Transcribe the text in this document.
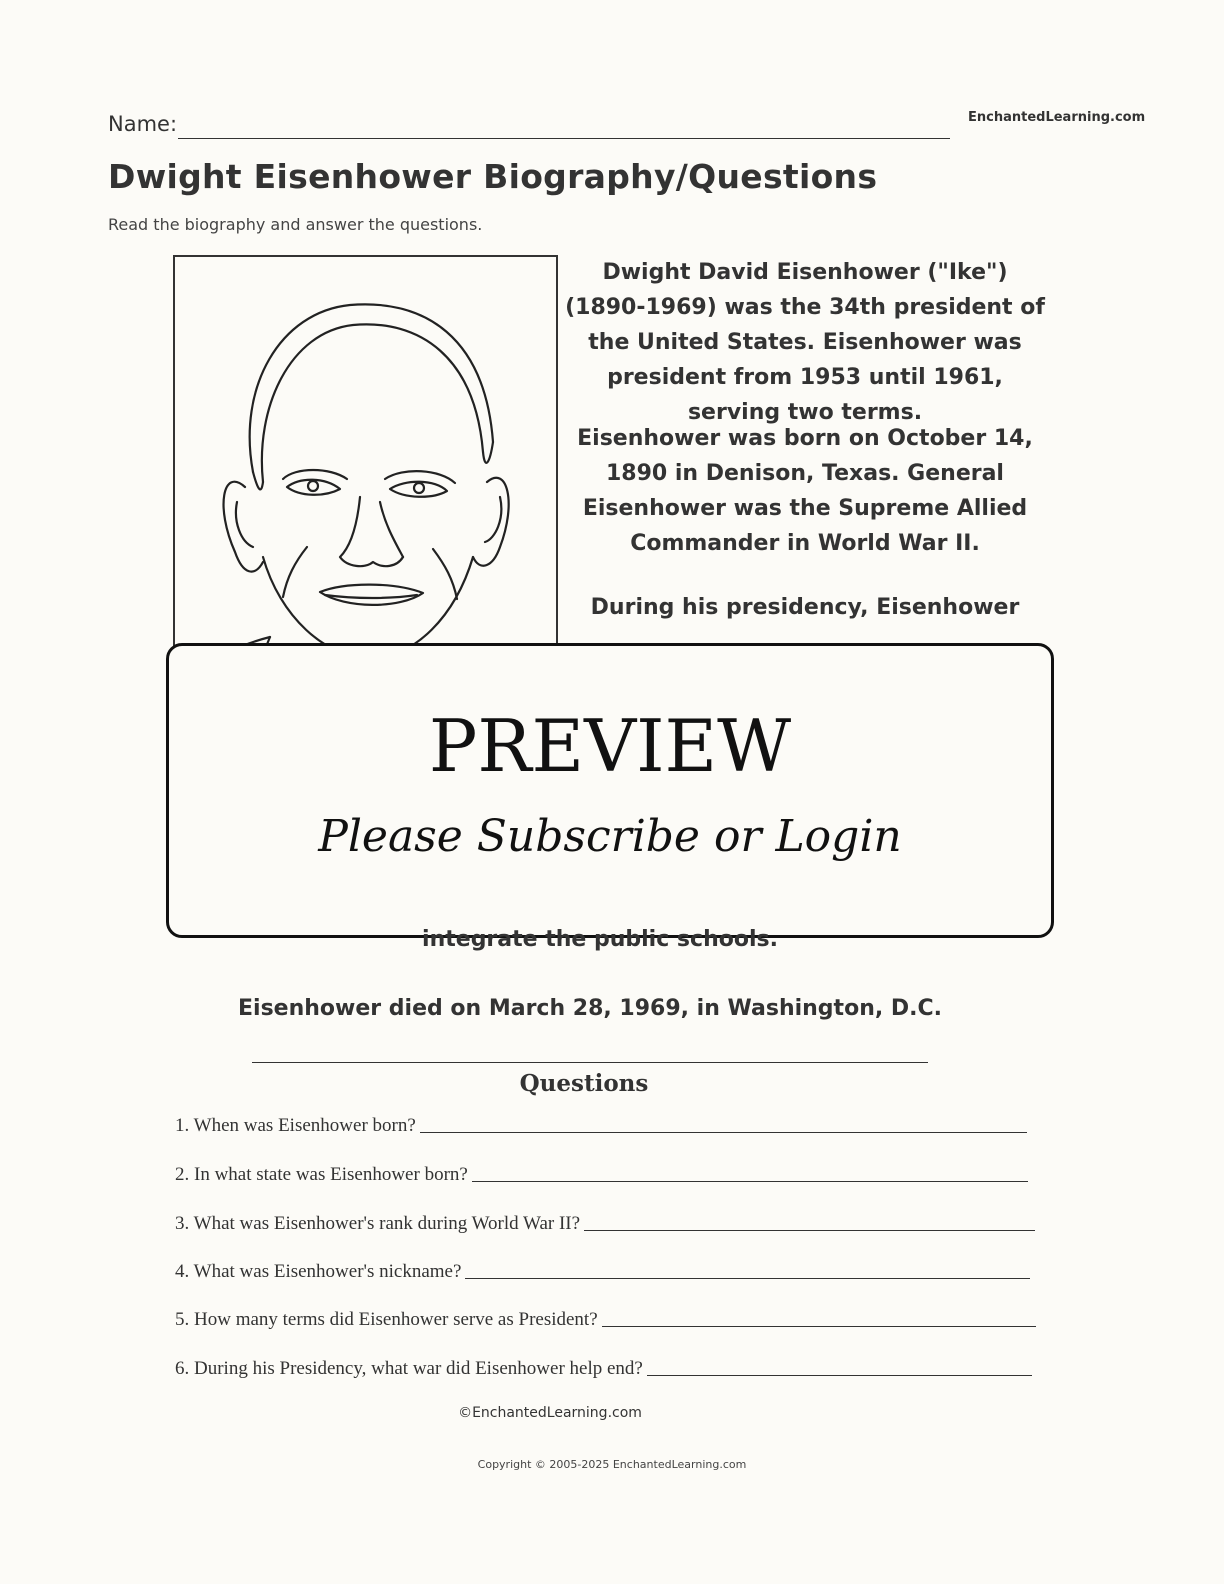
Name:	EnchantedLearning.com
Dwight Eisenhower Biography/Questions
Read the biography and answer the questions.
Dwight David Eisenhower ("Ike") (1890-1969) was the 34th president of the United States. Eisenhower was president from 1953 until 1961, serving two terms.
Eisenhower was born on October 14, 1890 in Denison, Texas. General Eisenhower was the Supreme Allied Commander in World War II.
During his presidency, Eisenhower
PREVIEW
Please Subscribe or Login
integrate the public schools.
Eisenhower died on March 28, 1969, in Washington, D.C.
Questions
1. When was Eisenhower born?
2. In what state was Eisenhower born?
3. What was Eisenhower's rank during World War II?
4. What was Eisenhower's nickname?
5. How many terms did Eisenhower serve as President?
6. During his Presidency, what war did Eisenhower help end?
©EnchantedLearning.com
Copyright © 2005-2025 EnchantedLearning.com
